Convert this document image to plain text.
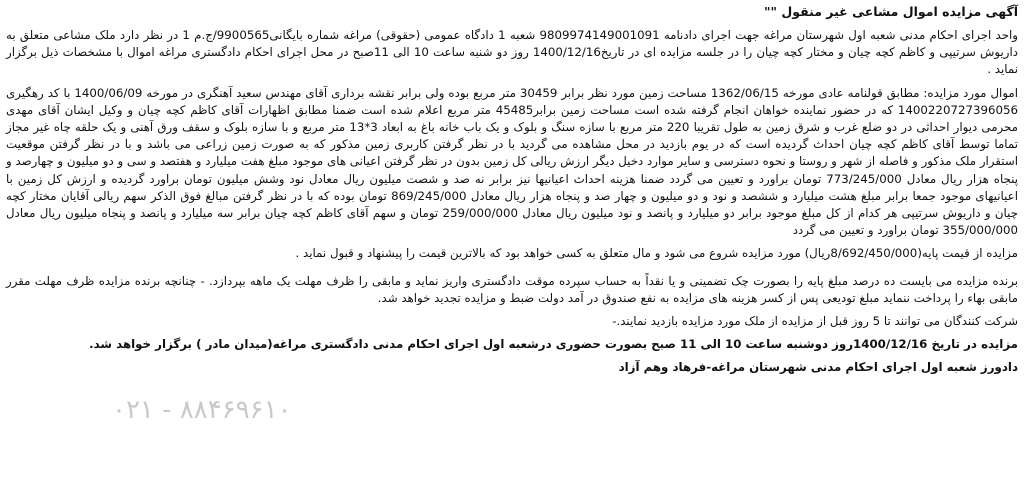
آگهی مزایده اموال مشاعی غیر منقول ""

واحد اجرای احکام مدنی شعبه اول شهرستان مراغه جهت اجرای دادنامه 9809974149001091 شعبه 1 دادگاه عمومی (حقوقی) مراغه شماره بایگانی9900565/ج.م 1 در نظر دارد ملک مشاعی متعلق به داریوش سرتیپی و کاظم کچه چیان و مختار کچه چیان را در جلسه مزایده ای در تاریخ1400/12/16 روز دو شنبه ساعت 10 الی 11صبح در محل اجرای احکام دادگستری مراغه اموال با مشخصات ذیل برگزار نماید .

اموال مورد مزایده: مطابق قولنامه عادی مورخه 1362/06/15 مساحت زمین مورد نظر برابر 30459 متر مربع بوده ولی برابر نقشه برداری آقای مهندس سعید آهنگری در مورخه 1400/06/09 با کد رهگیری 1400220727396056 که در حضور نماینده خواهان انجام گرفته شده است مساحت زمین برابر45485 متر مربع اعلام شده است ضمنا مطابق اظهارات آقای کاظم کچه چیان و وکیل ایشان آقای مهدی محرمی دیوار احداثی در دو ضلع غرب و شرق زمین به طول تقریبا 220 متر مربع با سازه سنگ و بلوک و یک باب خانه باغ به ابعاد 3*13 متر مربع و با سازه بلوک و سقف ورق آهنی و یک حلقه چاه غیر مجاز تماما توسط آقای کاظم کچه چیان احداث گردیده است که در یوم بازدید در محل مشاهده می گردید با در نظر گرفتن کاربری زمین مذکور که به صورت زمین زراعی می باشد و با در نظر گرفتن موقعیت استقرار ملک مذکور و فاصله از شهر و روستا و نحوه دسترسی و سایر موارد دخیل دیگر ارزش ریالی کل زمین بدون در نظر گرفتن اعیانی های موجود مبلغ هفت میلیارد و هفتصد و سی و دو میلیون و چهارصد و پنجاه هزار ریال معادل 773/245/000 تومان براورد و تعیین می گردد ضمنا هزینه احداث اعیانیها نیز برابر نه صد و شصت میلیون ریال معادل نود وشش میلیون تومان براورد گردیده و ارزش کل زمین با اعیانیهای موجود جمعا برابر مبلغ هشت میلیارد و ششصد و نود و دو میلیون و چهار صد و پنجاه هزار ریال معادل 869/245/000 تومان بوده که با در نظر گرفتن مبالغ فوق الذکر سهم ریالی آقایان مختار کچه چیان و داریوش سرتیپی هر کدام از کل مبلغ موجود برابر دو میلیارد و پانصد و نود میلیون ریال معادل 259/000/000 تومان و سهم آقای کاظم کچه چیان برابر سه میلیارد و پانصد و پنجاه میلیون ریال معادل 355/000/000 تومان براورد و تعیین می گردد

مزایده از قیمت پایه(8/692/450/000ریال) مورد مزایده شروع می شود و مال متعلق به کسی خواهد بود که بالاترین قیمت را پیشنهاد و قبول نماید .

برنده مزایده می بایست ده درصد مبلغ پایه را بصورت چک تضمینی و یا نقداً به حساب سپرده موقت دادگستری واریز نماید و مابقی را ظرف مهلت یک ماهه بپردازد. - چنانچه برنده مزایده ظرف مهلت مقرر مابقی بهاء را پرداخت ننماید مبلغ تودیعی پس از کسر هزینه های مزایده به نفع صندوق در آمد دولت ضبط و مزایده تجدید خواهد شد.

شرکت کنندگان می توانند تا 5 روز قبل از مزایده از ملک مورد مزایده بازدید نمایند.-

مزایده در تاریخ 1400/12/16روز دوشنبه ساعت 10 الی 11 صبح بصورت حضوری درشعبه اول اجرای احکام مدنی دادگستری مراغه(میدان مادر ) برگزار خواهد شد.

دادورز شعبه اول اجرای احکام مدنی شهرستان مراغه-فرهاد وهم آزاد

۰۲۱ - ۸۸۴۶۹۶۱۰
